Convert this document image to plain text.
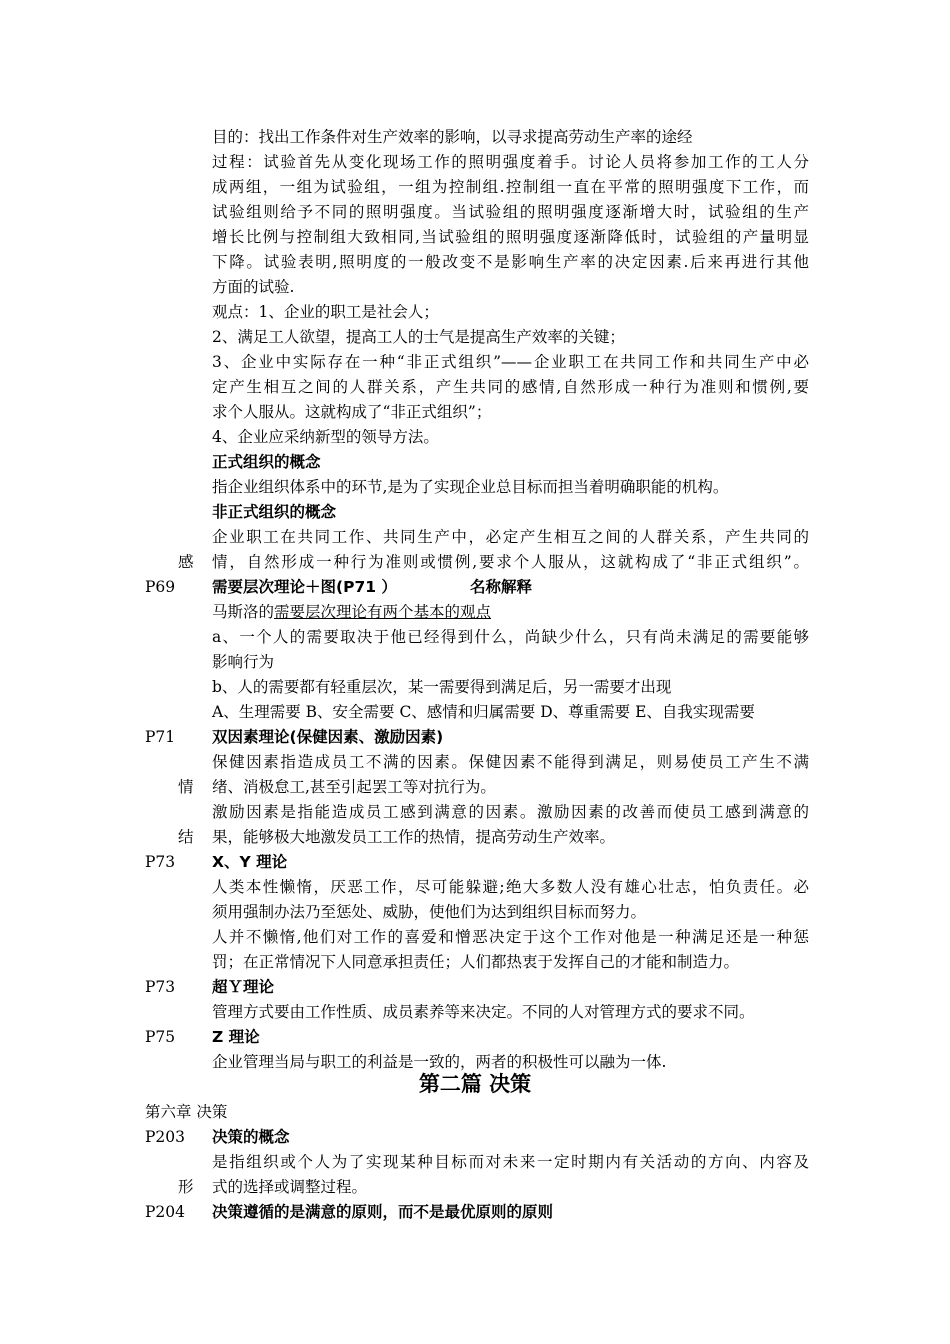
目的：找出工作条件对生产效率的影响，以寻求提高劳动生产率的途经
过程：试验首先从变化现场工作的照明强度着手。讨论人员将参加工作的工人分
成两组，一组为试验组，一组为控制组.控制组一直在平常的照明强度下工作，而
试验组则给予不同的照明强度。当试验组的照明强度逐渐增大时，试验组的生产
增长比例与控制组大致相同,当试验组的照明强度逐渐降低时，试验组的产量明显
下降。试验表明,照明度的一般改变不是影响生产率的决定因素.后来再进行其他
方面的试验.
观点：1、企业的职工是社会人；
2、满足工人欲望，提高工人的士气是提高生产效率的关键；
3、企业中实际存在一种“非正式组织”——企业职工在共同工作和共同生产中必
定产生相互之间的人群关系，产生共同的感情,自然形成一种行为准则和惯例,要
求个人服从。这就构成了“非正式组织”；
4、企业应采纳新型的领导方法。
正式组织的概念
指企业组织体系中的环节,是为了实现企业总目标而担当着明确职能的机构。
非正式组织的概念
企业职工在共同工作、共同生产中，必定产生相互之间的人群关系，产生共同的
感 情，自然形成一种行为准则或惯例,要求个人服从，这就构成了“非正式组织”。
P69 需要层次理论＋图(P71 ）	名称解释
马斯洛的需要层次理论有两个基本的观点
a、一个人的需要取决于他已经得到什么，尚缺少什么，只有尚未满足的需要能够
影响行为
b、人的需要都有轻重层次，某一需要得到满足后，另一需要才出现
A、生理需要 B、安全需要 C、感情和归属需要 D、尊重需要 E、自我实现需要
P71 双因素理论(保健因素、激励因素)
保健因素指造成员工不满的因素。保健因素不能得到满足，则易使员工产生不满
情 绪、消极怠工,甚至引起罢工等对抗行为。
激励因素是指能造成员工感到满意的因素。激励因素的改善而使员工感到满意的
结 果，能够极大地激发员工工作的热情，提高劳动生产效率。
P73 X、Y 理论
人类本性懒惰，厌恶工作，尽可能躲避;绝大多数人没有雄心壮志，怕负责任。必
须用强制办法乃至惩处、威胁，使他们为达到组织目标而努力。
人并不懒惰,他们对工作的喜爱和憎恶决定于这个工作对他是一种满足还是一种惩
罚；在正常情况下人同意承担责任；人们都热衷于发挥自己的才能和制造力。
P73 超Ｙ理论
管理方式要由工作性质、成员素养等来决定。不同的人对管理方式的要求不同。
P75 Z 理论
企业管理当局与职工的利益是一致的，两者的积极性可以融为一体.
第二篇 决策
第六章 决策
P203 决策的概念
是指组织或个人为了实现某种目标而对未来一定时期内有关活动的方向、内容及
形 式的选择或调整过程。
P204 决策遵循的是满意的原则，而不是最优原则的原则
